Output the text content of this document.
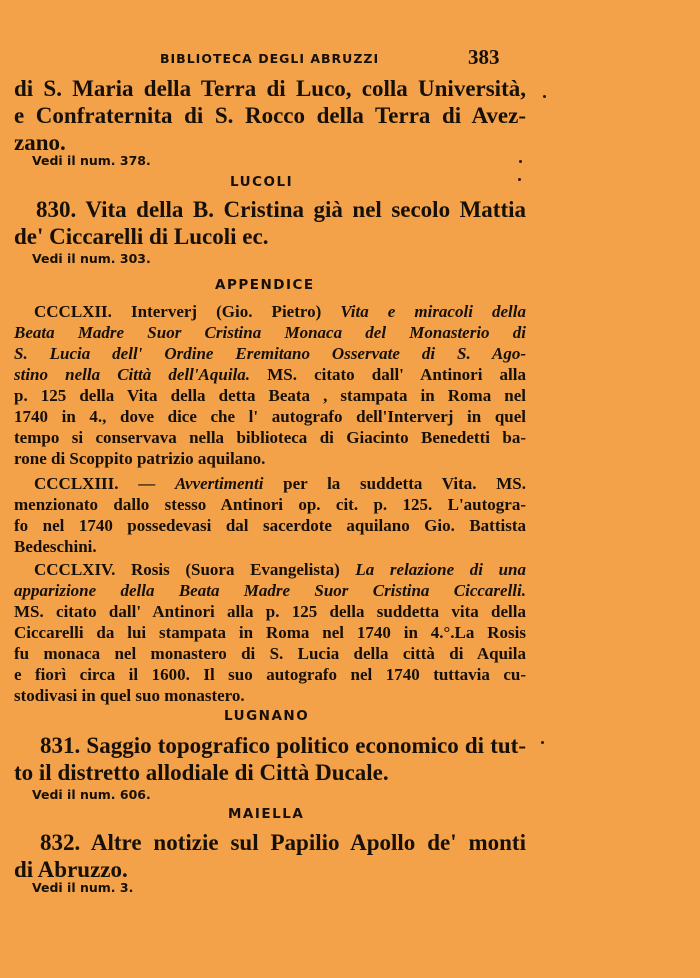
BIBLIOTECA DEGLI ABRUZZI	383
di S. Maria della Terra di Luco, colla Università,
e Confraternita di S. Rocco della Terra di Avez-
zano.
Vedi il num. 378.
LUCOLI
830. Vita della B. Cristina già nel secolo Mattia
de' Ciccarelli di Lucoli ec.
Vedi il num. 303.
APPENDICE
CCCLXII. Interverj (Gio. Pietro) Vita e miracoli della
Beata Madre Suor Cristina Monaca del Monasterio di
S. Lucia dell' Ordine Eremitano Osservate di S. Ago-
stino nella Città dell'Aquila. MS. citato dall' Antinori alla
p. 125 della Vita della detta Beata , stampata in Roma nel
1740 in 4., dove dice che l' autografo dell'Interverj in quel
tempo si conservava nella biblioteca di Giacinto Benedetti ba-
rone di Scoppito patrizio aquilano.
CCCLXIII. — Avvertimenti per la suddetta Vita. MS.
menzionato dallo stesso Antinori op. cit. p. 125. L'autogra-
fo nel 1740 possedevasi dal sacerdote aquilano Gio. Battista
Bedeschini.
CCCLXIV. Rosis (Suora Evangelista) La relazione di una
apparizione della Beata Madre Suor Cristina Ciccarelli.
MS. citato dall' Antinori alla p. 125 della suddetta vita della
Ciccarelli da lui stampata in Roma nel 1740 in 4.°.La Rosis
fu monaca nel monastero di S. Lucia della città di Aquila
e fiorì circa il 1600. Il suo autografo nel 1740 tuttavia cu-
stodivasi in quel suo monastero.
LUGNANO
831. Saggio topografico politico economico di tut-
to il distretto allodiale di Città Ducale.
Vedi il num. 606.
MAIELLA
832. Altre notizie sul Papilio Apollo de' monti
di Abruzzo.
Vedi il num. 3.
